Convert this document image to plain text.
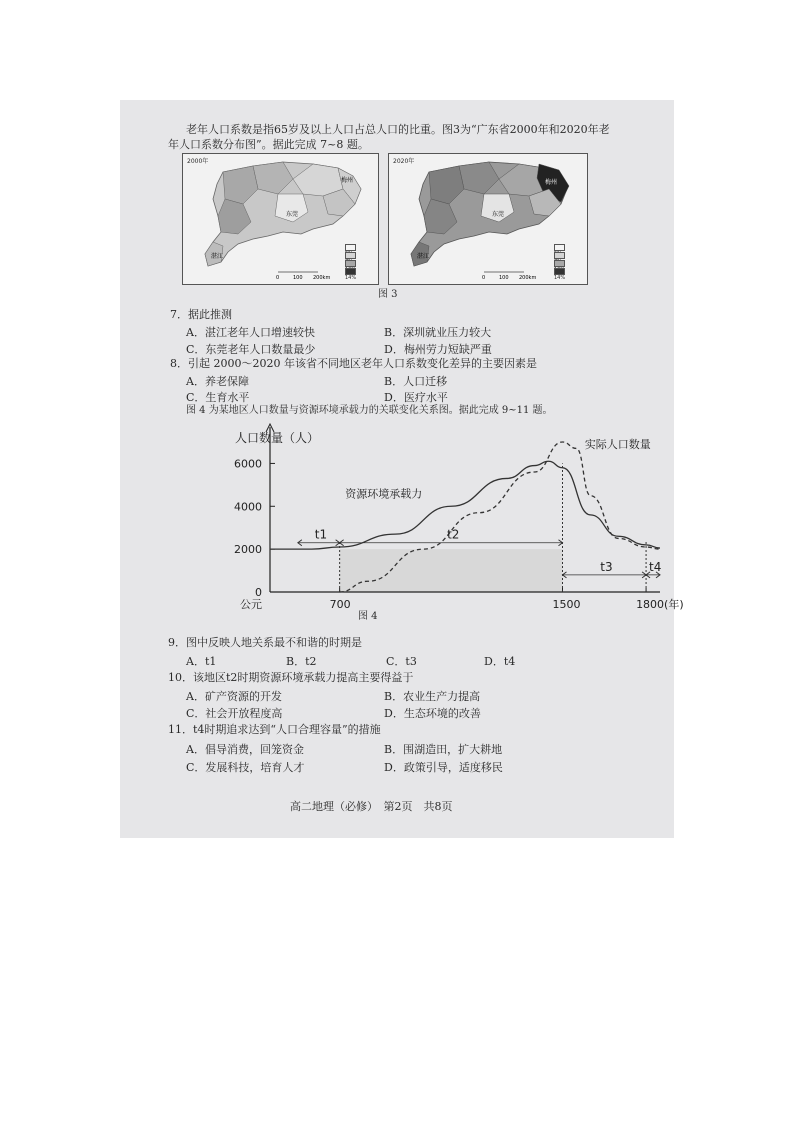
老年人口系数是指65岁及以上人口占总人口的比重。图3为“广东省2000年和2020年老
年人口系数分布图”。据此完成 7~8 题。
2000年
梅州
东莞
湛江
0	100 200km	14%
2020年
梅州
东莞
湛江
0	100 200km	14%
图 3
7．据此推测
A．湛江老年人口增速较快	B．深圳就业压力较大
C．东莞老年人口数量最少	D．梅州劳力短缺严重
8．引起 2000～2020 年该省不同地区老年人口系数变化差异的主要因素是
A．养老保障	B．人口迁移
C．生育水平	D．医疗水平
图 4 为某地区人口数量与资源环境承载力的关联变化关系图。据此完成 9~11 题。
人口数量（人）
0
2000
4000
6000
公元	700	1500	1800(年)
t1	t2
t3	t4
实际人口数量
资源环境承载力
图 4
9．图中反映人地关系最不和谐的时期是
A．t1	B．t2	C．t3	D．t4
10．该地区t2时期资源环境承载力提高主要得益于
A．矿产资源的开发	B．农业生产力提高
C．社会开放程度高	D．生态环境的改善
11．t4时期追求达到“人口合理容量”的措施
A．倡导消费，回笼资金	B．围湖造田，扩大耕地
C．发展科技，培育人才	D．政策引导，适度移民
高二地理（必修）　第2页　共8页
